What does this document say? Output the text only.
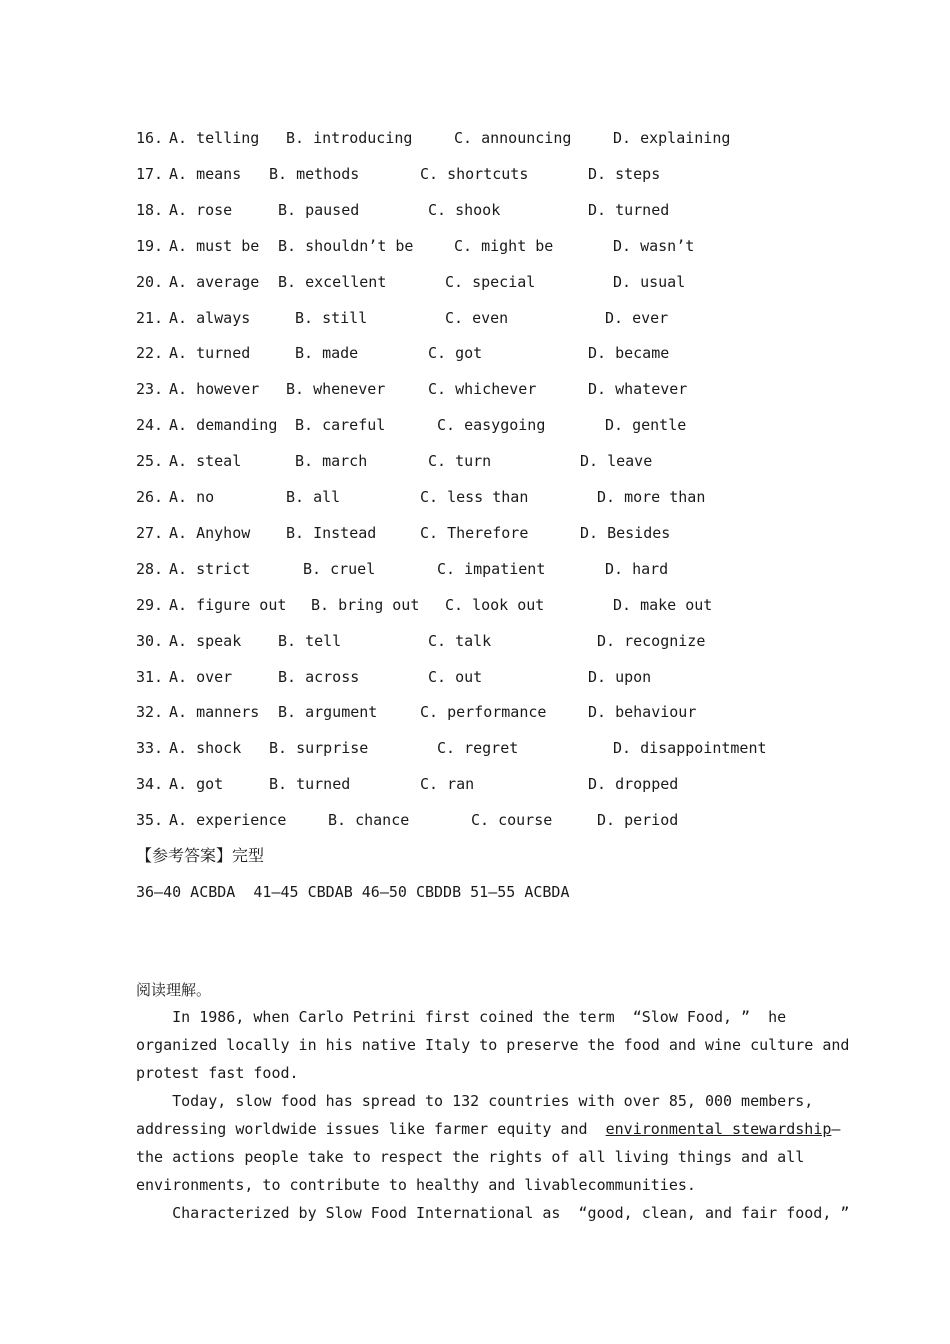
16. A. telling B. introducing	C. announcing	D. explaining
17. A. means B. methods	C. shortcuts	D. steps
18. A. rose	B. paused	C. shook	D. turned
19. A. must be B. shouldn’t be	C. might be	D. wasn’t
20. A. average B. excellent	C. special	D. usual
21. A. always	B. still	C. even	D. ever
22. A. turned	B. made	C. got	D. became
23. A. however B. whenever	C. whichever	D. whatever
24. A. demanding B. careful	C. easygoing	D. gentle
25. A. steal	B. march	C. turn	D. leave
26. A. no	B. all	C. less than	D. more than
27. A. Anyhow B. Instead	C. Therefore	D. Besides
28. A. strict	B. cruel	C. impatient	D. hard
29. A. figure out B. bring out C. look out	D. make out
30. A. speak B. tell	C. talk	D. recognize
31. A. over	B. across	C. out	D. upon
32. A. manners B. argument	C. performance	D. behaviour
33. A. shock B. surprise	C. regret	D. disappointment
34. A. got	B. turned	C. ran	D. dropped
35. A. experience	B. chance	C. course	D. period
【参考答案】完型
36—40 ACBDA  41—45 CBDAB 46—50 CBDDB 51—55 ACBDA
阅读理解。
In 1986, when Carlo Petrini first coined the term  “Slow Food, ”  he
organized locally in his native Italy to preserve the food and wine culture and
protest fast food.
Today, slow food has spread to 132 countries with over 85, 000 members,
addressing worldwide issues like farmer equity and  environmental stewardship—
the actions people take to respect the rights of all living things and all
environments, to contribute to healthy and livablecommunities.
Characterized by Slow Food International as  “good, clean, and fair food, ”
